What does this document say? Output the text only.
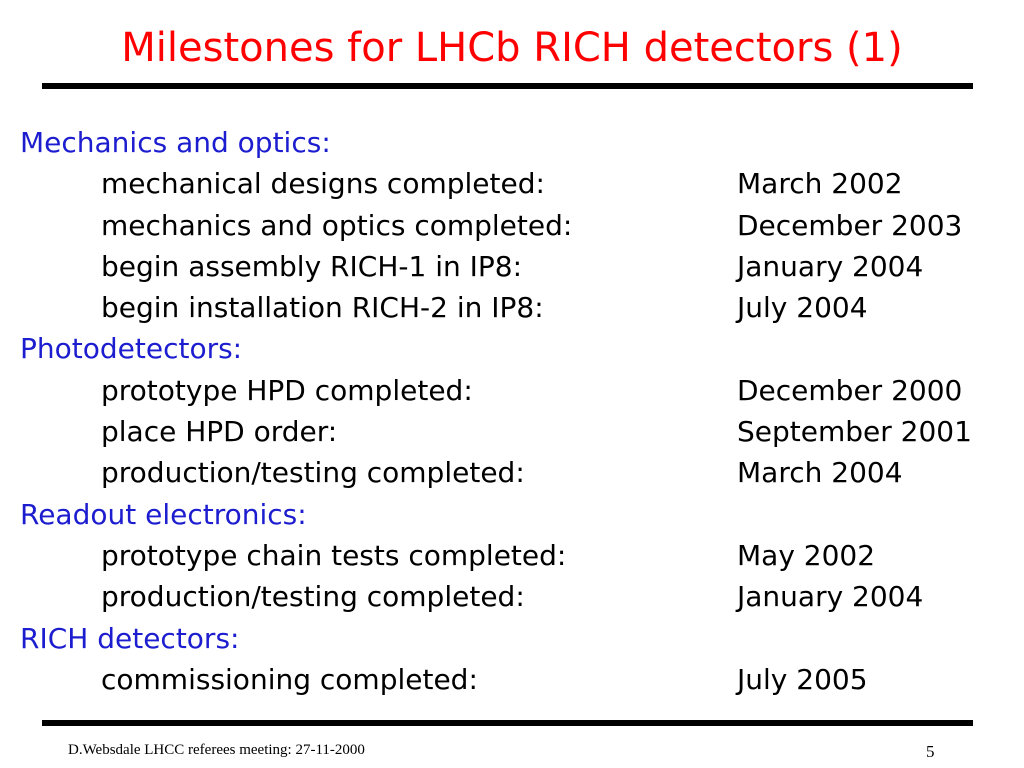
Milestones for LHCb RICH detectors (1)
Mechanics and optics:
mechanical designs completed:	March 2002
mechanics and optics completed:	December 2003
begin assembly RICH-1 in IP8:	January 2004
begin installation RICH-2 in IP8:	July 2004
Photodetectors:
prototype HPD completed:	December 2000
place HPD order:	September 2001
production/testing completed:	March 2004
Readout electronics:
prototype chain tests completed:	May 2002
production/testing completed:	January 2004
RICH detectors:
commissioning completed:	July 2005
D.Websdale LHCC referees meeting: 27-11-2000	5
